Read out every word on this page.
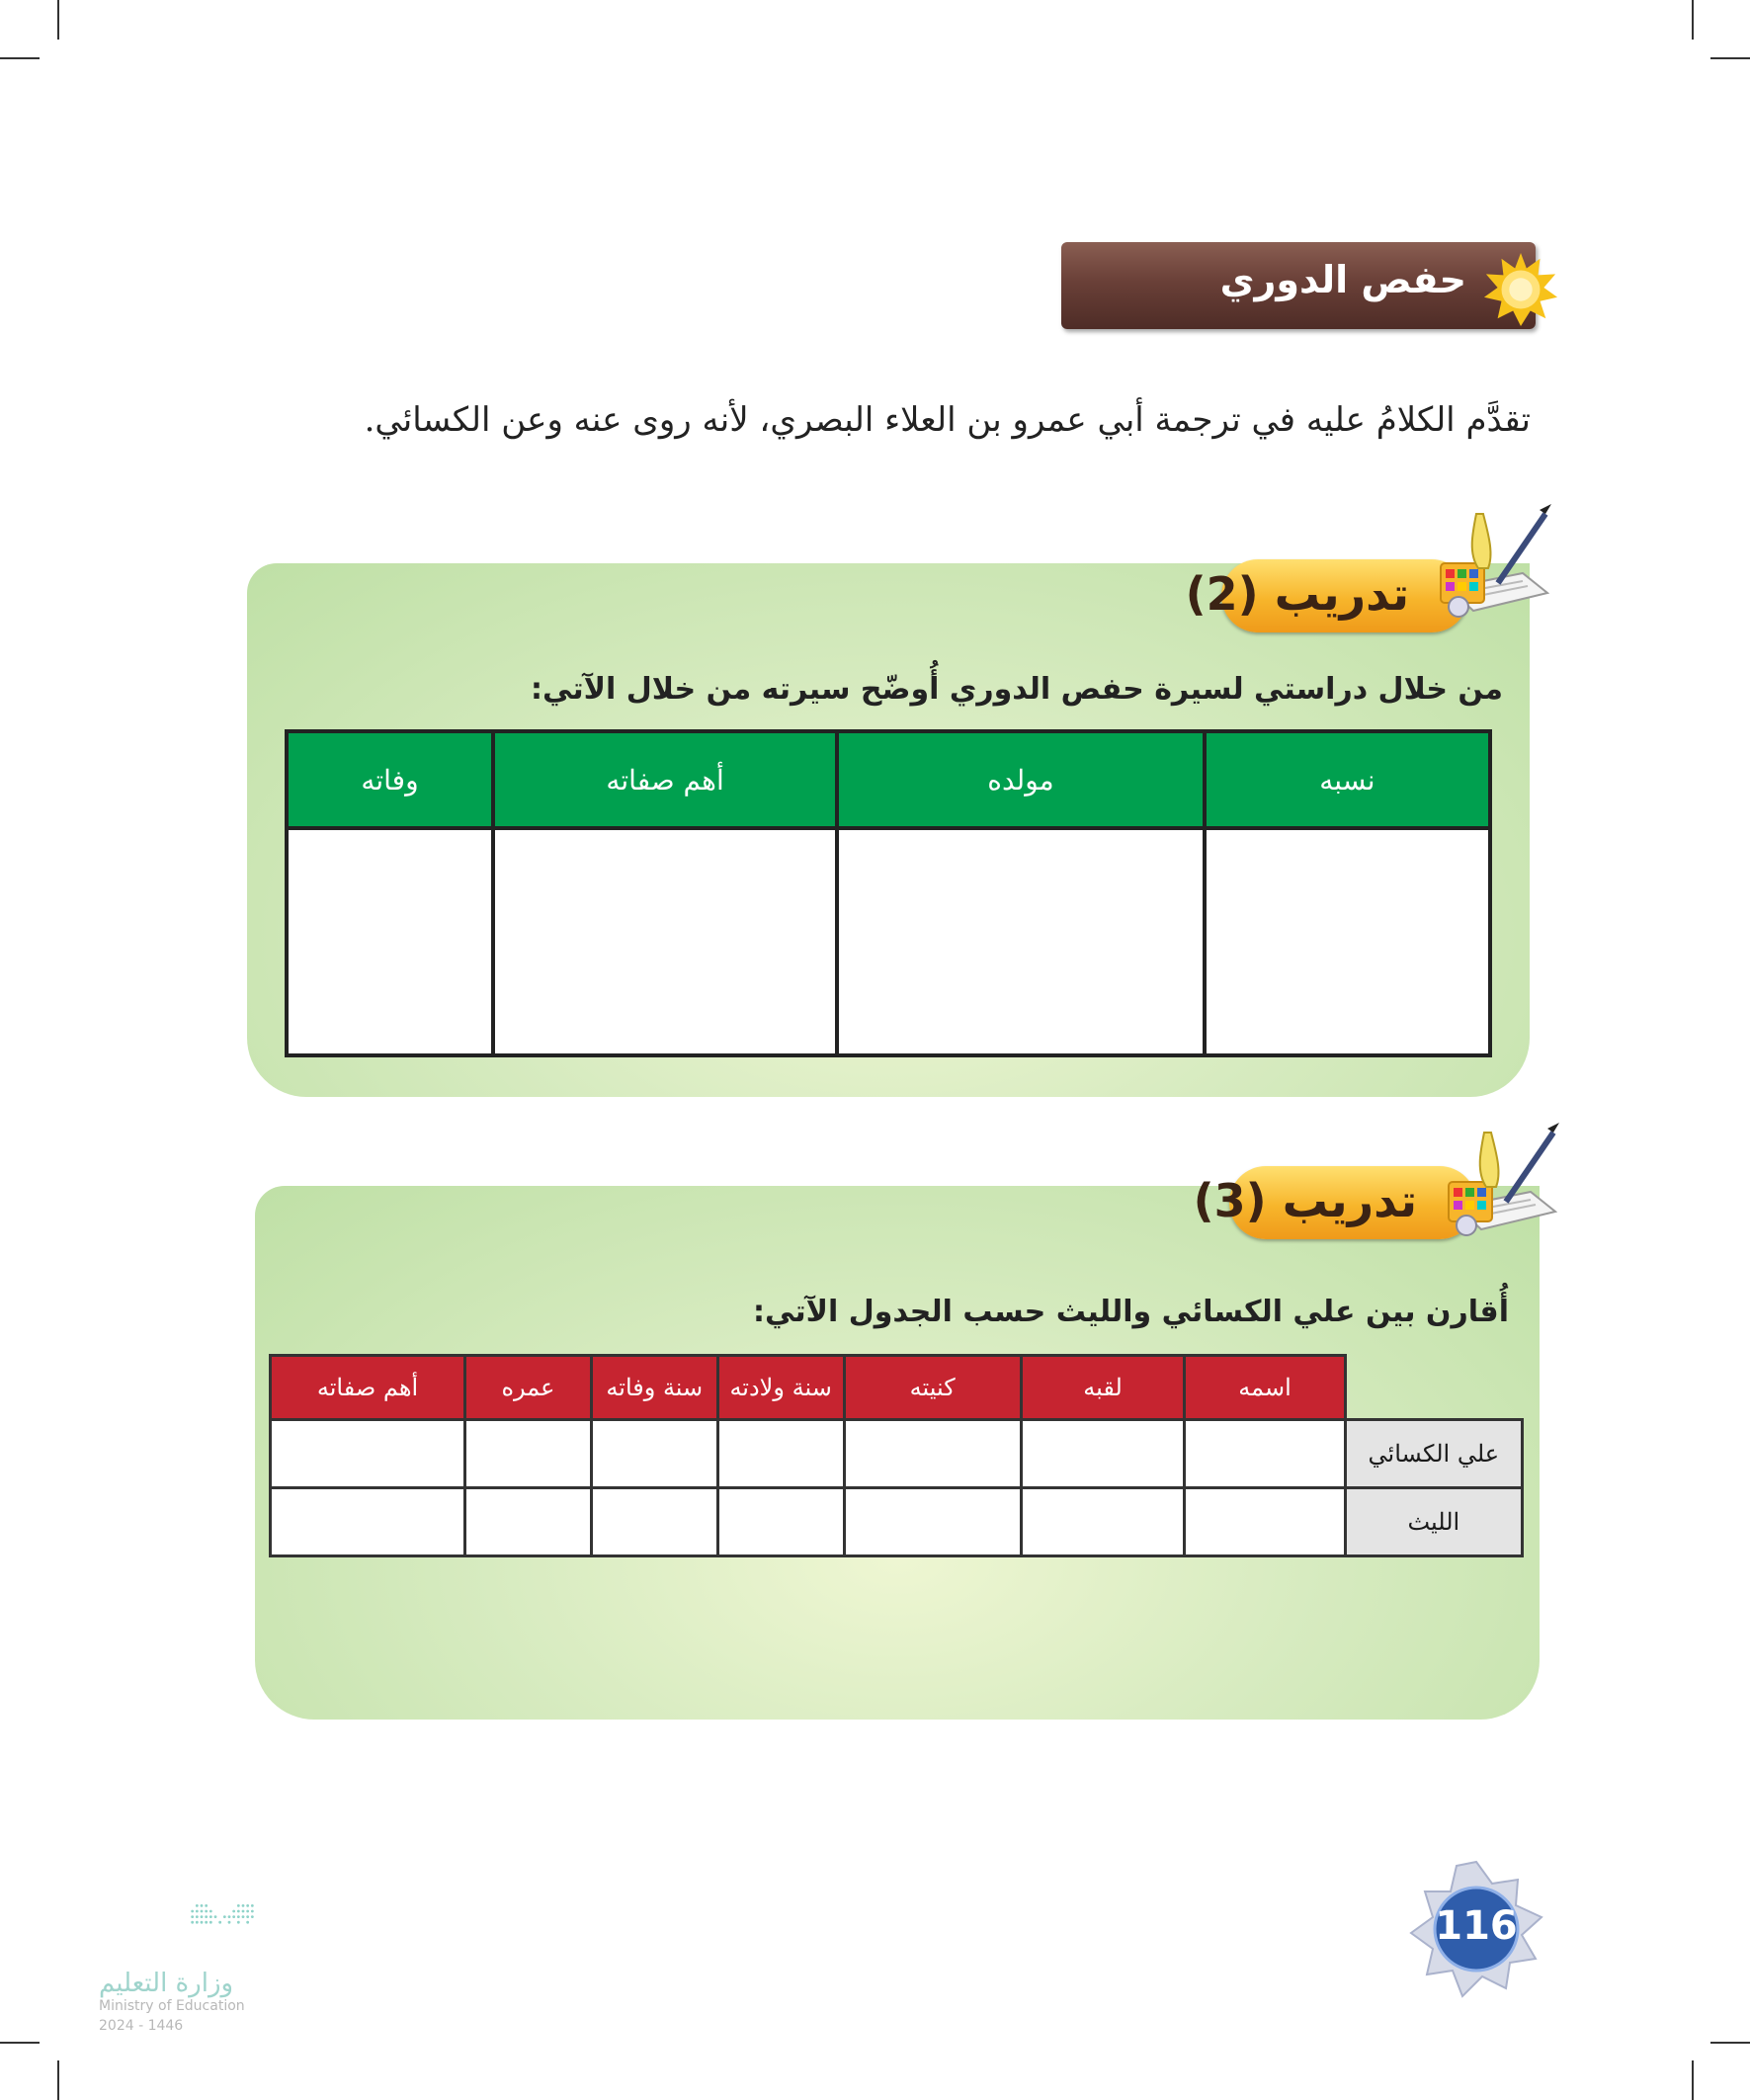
حفص الدوري
تقدَّم الكلامُ عليه في ترجمة أبي عمرو بن العلاء البصري، لأنه روى عنه وعن الكسائي.
تدريب (2)
من خلال دراستي لسيرة حفص الدوري أُوضّح سيرته من خلال الآتي:
نسبه	مولده	أهم صفاته	وفاته

تدريب (3)
أُقارن بين علي الكسائي والليث حسب الجدول الآتي:
	اسمه	لقبه	كنيته	سنة ولادته	سنة وفاته	عمره	أهم صفاته
علي الكسائي							
الليث							
116
وزارة التعليم
Ministry of Education
2024 - 1446
